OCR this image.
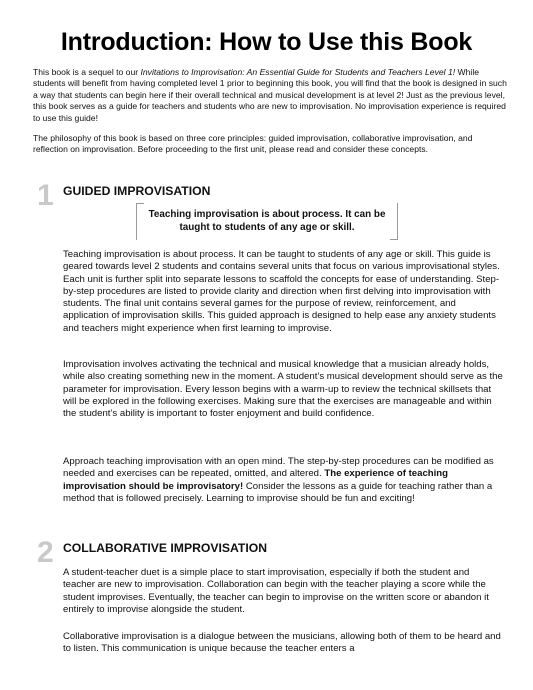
Introduction: How to Use this Book

This book is a sequel to our Invitations to Improvisation: An Essential Guide for Students and Teachers Level 1! While students will benefit from having completed level 1 prior to beginning this book, you will find that the book is designed in such a way that students can begin here if their overall technical and musical development is at level 2! Just as the previous level, this book serves as a guide for teachers and students who are new to improvisation. No improvisation experience is required to use this guide!

The philosophy of this book is based on three core principles: guided improvisation, collaborative improvisation, and reflection on improvisation. Before proceeding to the first unit, please read and consider these concepts.

1 GUIDED IMPROVISATION
Teaching improvisation is about process. It can be taught to students of any age or skill.

Teaching improvisation is about process. It can be taught to students of any age or skill. This guide is geared towards level 2 students and contains several units that focus on various improvisational styles. Each unit is further split into separate lessons to scaffold the concepts for ease of understanding. Step-by-step procedures are listed to provide clarity and direction when first delving into improvisation with students. The final unit contains several games for the purpose of review, reinforcement, and application of improvisation skills. This guided approach is designed to help ease any anxiety students and teachers might experience when first learning to improvise.

Improvisation involves activating the technical and musical knowledge that a musician already holds, while also creating something new in the moment. A student’s musical development should serve as the parameter for improvisation. Every lesson begins with a warm-up to review the technical skillsets that will be explored in the following exercises. Making sure that the exercises are manageable and within the student’s ability is important to foster enjoyment and build confidence.

Approach teaching improvisation with an open mind. The step-by-step procedures can be modified as needed and exercises can be repeated, omitted, and altered. The experience of teaching improvisation should be improvisatory! Consider the lessons as a guide for teaching rather than a method that is followed precisely. Learning to improvise should be fun and exciting!

2 COLLABORATIVE IMPROVISATION

A student-teacher duet is a simple place to start improvisation, especially if both the student and teacher are new to improvisation. Collaboration can begin with the teacher playing a score while the student improvises. Eventually, the teacher can begin to improvise on the written score or abandon it entirely to improvise alongside the student.

Collaborative improvisation is a dialogue between the musicians, allowing both of them to be heard and to listen. This communication is unique because the teacher enters a
